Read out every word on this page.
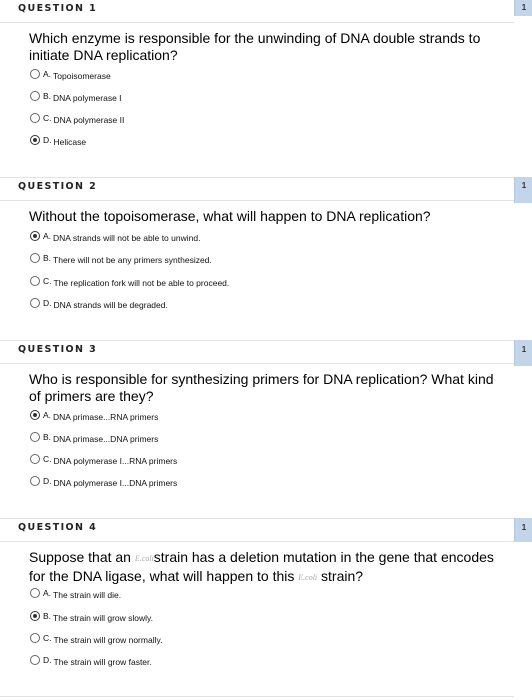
QUESTION 1	1
Which enzyme is responsible for the unwinding of DNA double strands to initiate DNA replication?
A. Topoisomerase
B. DNA polymerase I
C. DNA polymerase II
D. Helicase
QUESTION 2	1
Without the topoisomerase, what will happen to DNA replication?
A. DNA strands will not be able to unwind.
B. There will not be any primers synthesized.
C. The replication fork will not be able to proceed.
D. DNA strands will be degraded.
QUESTION 3	1
Who is responsible for synthesizing primers for DNA replication? What kind of primers are they?
A. DNA primase...RNA primers
B. DNA primase...DNA primers
C. DNA polymerase I...RNA primers
D. DNA polymerase I...DNA primers
QUESTION 4	1
Suppose that an E.colistrain has a deletion mutation in the gene that encodes for the DNA ligase, what will happen to this E.coli strain?
A. The strain will die.
B. The strain will grow slowly.
C. The strain will grow normally.
D. The strain will grow faster.
